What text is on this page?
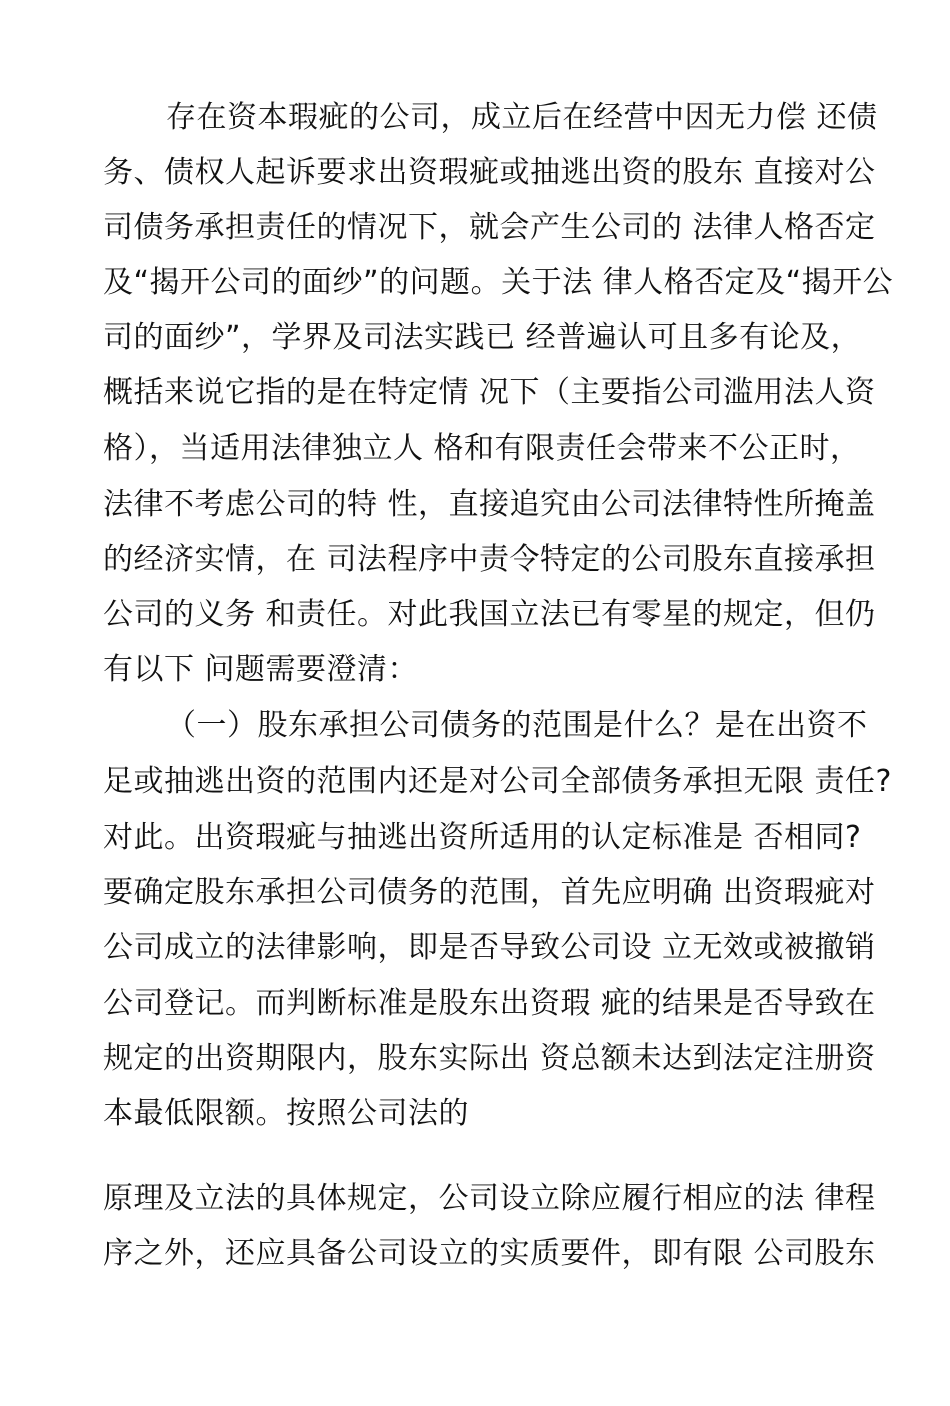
存在资本瑕疵的公司，成立后在经营中因无力偿 还债
务、债权人起诉要求出资瑕疵或抽逃出资的股东 直接对公
司债务承担责任的情况下，就会产生公司的 法律人格否定
及“揭开公司的面纱”的问题。关于法 律人格否定及“揭开公
司的面纱”，学界及司法实践已 经普遍认可且多有论及，
概括来说它指的是在特定情 况下（主要指公司滥用法人资
格），当适用法律独立人 格和有限责任会带来不公正时，
法律不考虑公司的特 性，直接追究由公司法律特性所掩盖
的经济实情，在 司法程序中责令特定的公司股东直接承担
公司的义务 和责任。对此我国立法已有零星的规定，但仍
有以下 问题需要澄清：
（一）股东承担公司债务的范围是什么？是在出资不
足或抽逃出资的范围内还是对公司全部债务承担无限 责任?
对此。出资瑕疵与抽逃出资所适用的认定标准是 否相同?
要确定股东承担公司债务的范围，首先应明确 出资瑕疵对
公司成立的法律影响，即是否导致公司设 立无效或被撤销
公司登记。而判断标准是股东出资瑕 疵的结果是否导致在
规定的出资期限内，股东实际出 资总额未达到法定注册资
本最低限额。按照公司法的
原理及立法的具体规定，公司设立除应履行相应的法 律程
序之外，还应具备公司设立的实质要件，即有限 公司股东
